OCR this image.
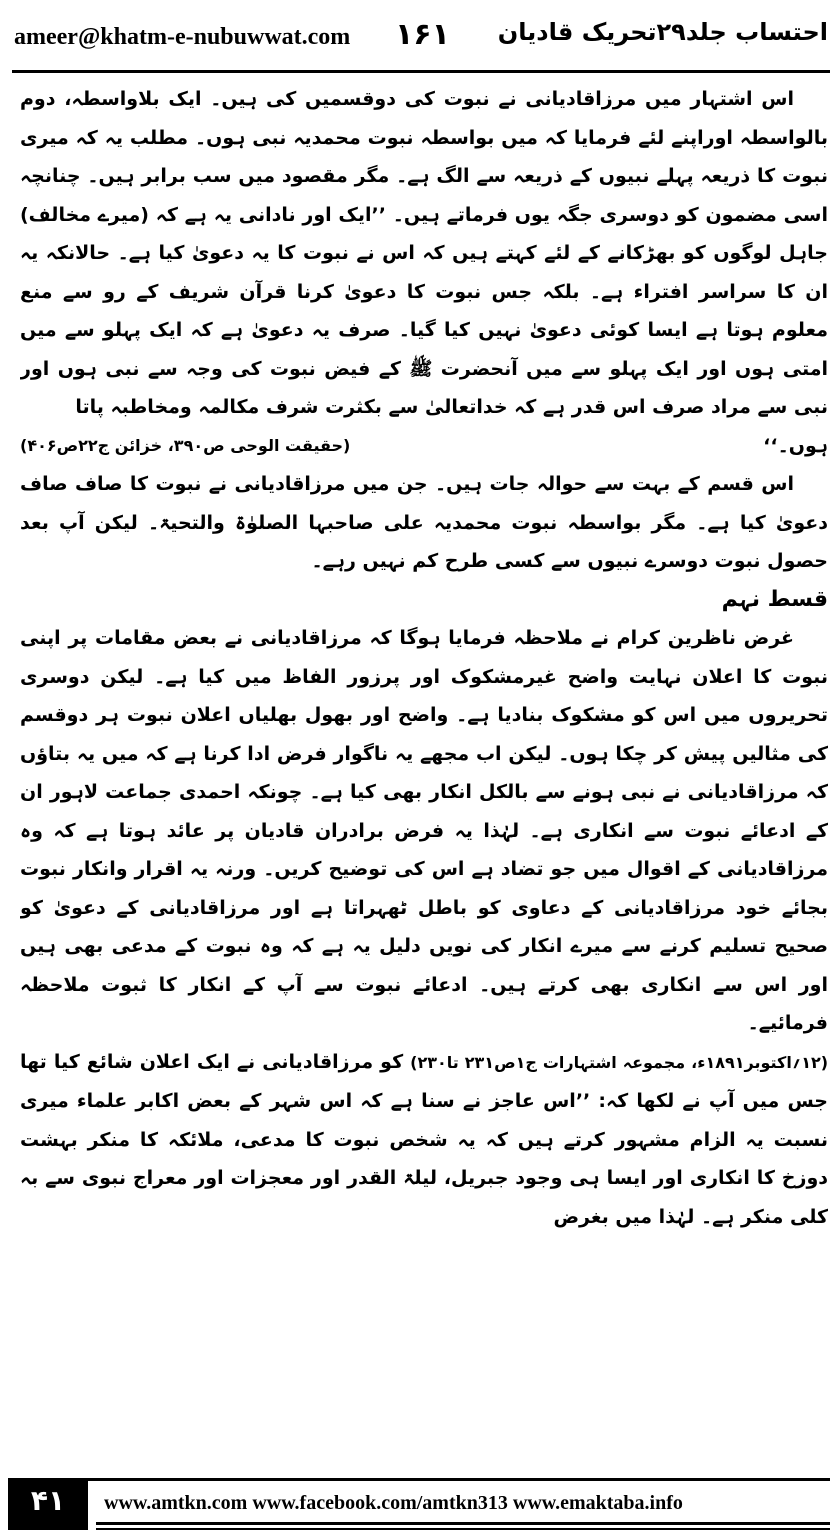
ameer@khatm-e-nubuwwat.com ۱۶۱ احتساب جلد۲۹تحریک قادیان

اس اشتہار میں مرزاقادیانی نے نبوت کی دوقسمیں کی ہیں۔ ایک بلاواسطہ، دوم بالواسطہ اوراپنے لئے فرمایا کہ میں بواسطہ نبوت محمدیہ نبی ہوں۔ مطلب یہ کہ میری نبوت کا ذریعہ پہلے نبیوں کے ذریعہ سے الگ ہے۔ مگر مقصود میں سب برابر ہیں۔ چنانچہ اسی مضمون کو دوسری جگہ یوں فرماتے ہیں۔ ’’ایک اور نادانی یہ ہے کہ (میرے مخالف) جاہل لوگوں کو بھڑکانے کے لئے کہتے ہیں کہ اس نے نبوت کا یہ دعویٰ کیا ہے۔ حالانکہ یہ ان کا سراسر افتراء ہے۔ بلکہ جس نبوت کا دعویٰ کرنا قرآن شریف کے رو سے منع معلوم ہوتا ہے ایسا کوئی دعویٰ نہیں کیا گیا۔ صرف یہ دعویٰ ہے کہ ایک پہلو سے میں امتی ہوں اور ایک پہلو سے میں آنحضرت ﷺ کے فیض نبوت کی وجہ سے نبی ہوں اور نبی سے مراد صرف اس قدر ہے کہ خداتعالیٰ سے بکثرت شرف مکالمہ ومخاطبہ پاتا

ہوں۔‘‘
(حقیقت الوحی ص۳۹۰، خزائن ج۲۲ص۴۰۶)

اس قسم کے بہت سے حوالہ جات ہیں۔ جن میں مرزاقادیانی نے نبوت کا صاف صاف دعویٰ کیا ہے۔ مگر بواسطہ نبوت محمدیہ علی صاحبہا الصلوٰۃ والتحیۃ۔ لیکن آپ بعد حصول نبوت دوسرے نبیوں سے کسی طرح کم نہیں رہے۔

قسط نہم

غرض ناظرین کرام نے ملاحظہ فرمایا ہوگا کہ مرزاقادیانی نے بعض مقامات پر اپنی نبوت کا اعلان نہایت واضح غیرمشکوک اور پرزور الفاظ میں کیا ہے۔ لیکن دوسری تحریروں میں اس کو مشکوک بنادیا ہے۔ واضح اور بھول بھلیاں اعلان نبوت ہر دوقسم کی مثالیں پیش کر چکا ہوں۔ لیکن اب مجھے یہ ناگوار فرض ادا کرنا ہے کہ میں یہ بتاؤں کہ مرزاقادیانی نے نبی ہونے سے بالکل انکار بھی کیا ہے۔ چونکہ احمدی جماعت لاہور ان کے ادعائے نبوت سے انکاری ہے۔ لہٰذا یہ فرض برادران قادیان پر عائد ہوتا ہے کہ وہ مرزاقادیانی کے اقوال میں جو تضاد ہے اس کی توضیح کریں۔ ورنہ یہ اقرار وانکار نبوت بجائے خود مرزاقادیانی کے دعاوی کو باطل ٹھہراتا ہے اور مرزاقادیانی کے دعویٰ کو صحیح تسلیم کرنے سے میرے انکار کی نویں دلیل یہ ہے کہ وہ نبوت کے مدعی بھی ہیں اور اس سے انکاری بھی کرتے ہیں۔ ادعائے نبوت سے آپ کے انکار کا ثبوت ملاحظہ فرمائیے۔

(۱۲؍اکتوبر۱۸۹۱ء، مجموعہ اشتہارات ج۱ص۲۳۱ تا۲۳۰) کو مرزاقادیانی نے ایک اعلان شائع کیا تھا جس میں آپ نے لکھا کہ: ’’اس عاجز نے سنا ہے کہ اس شہر کے بعض اکابر علماء میری نسبت یہ الزام مشہور کرتے ہیں کہ یہ شخص نبوت کا مدعی، ملائکہ کا منکر بہشت دوزخ کا انکاری اور ایسا ہی وجود جبریل، لیلۃ القدر اور معجزات اور معراج نبوی سے بہ کلی منکر ہے۔ لہٰذا میں بغرض

۴۱	www.amtkn.com www.facebook.com/amtkn313 www.emaktaba.info
